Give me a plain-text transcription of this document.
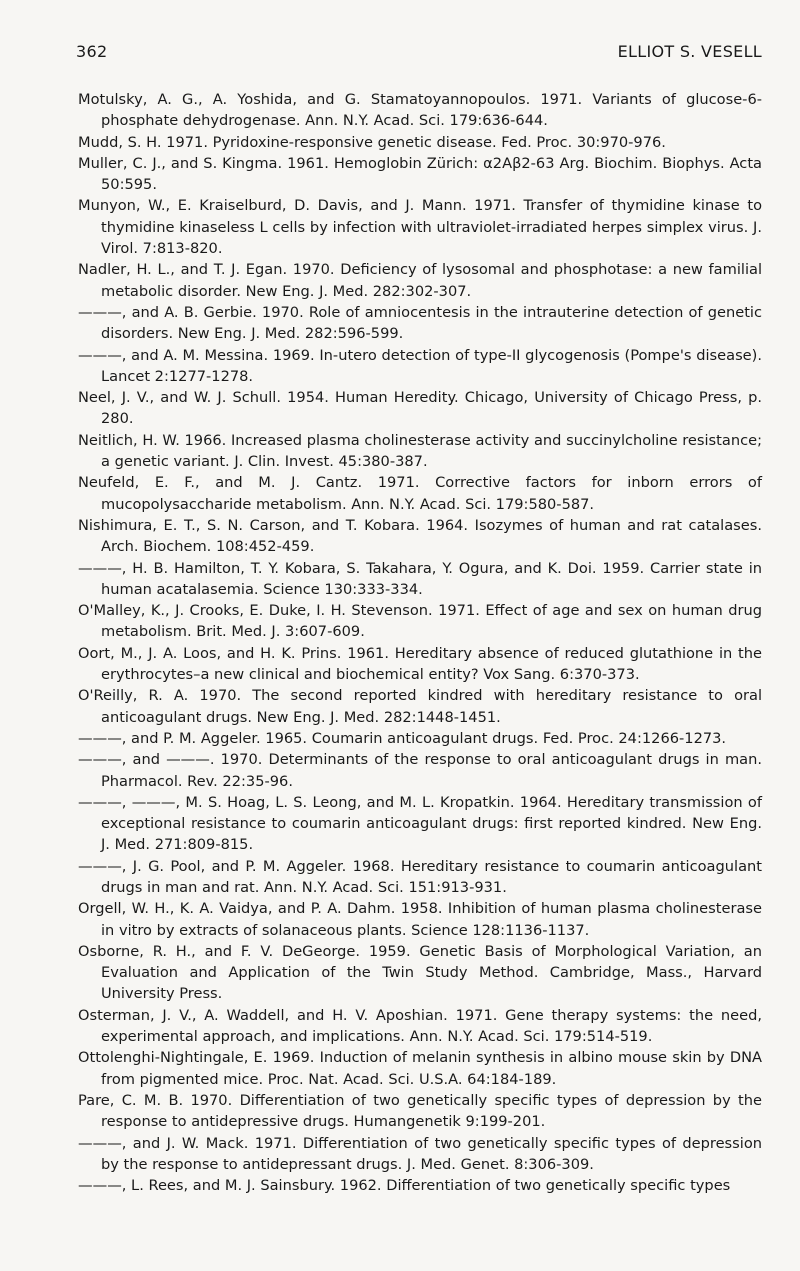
362	ELLIOT S. VESELL

Motulsky, A. G., A. Yoshida, and G. Stamatoyannopoulos. 1971. Variants of glucose-6-phosphate dehydrogenase. Ann. N.Y. Acad. Sci. 179:636-644.

Mudd, S. H. 1971. Pyridoxine-responsive genetic disease. Fed. Proc. 30:970-976.

Muller, C. J., and S. Kingma. 1961. Hemoglobin Zürich: α2Aβ2-63 Arg. Biochim. Biophys. Acta 50:595.

Munyon, W., E. Kraiselburd, D. Davis, and J. Mann. 1971. Transfer of thymidine kinase to thymidine kinaseless L cells by infection with ultraviolet-irradiated herpes simplex virus. J. Virol. 7:813-820.

Nadler, H. L., and T. J. Egan. 1970. Deficiency of lysosomal and phosphotase: a new familial metabolic disorder. New Eng. J. Med. 282:302-307.

———, and A. B. Gerbie. 1970. Role of amniocentesis in the intrauterine detection of genetic disorders. New Eng. J. Med. 282:596-599.

———, and A. M. Messina. 1969. In-utero detection of type-II glycogenosis (Pompe's disease). Lancet 2:1277-1278.

Neel, J. V., and W. J. Schull. 1954. Human Heredity. Chicago, University of Chicago Press, p. 280.

Neitlich, H. W. 1966. Increased plasma cholinesterase activity and succinylcholine resistance; a genetic variant. J. Clin. Invest. 45:380-387.

Neufeld, E. F., and M. J. Cantz. 1971. Corrective factors for inborn errors of mucopolysaccharide metabolism. Ann. N.Y. Acad. Sci. 179:580-587.

Nishimura, E. T., S. N. Carson, and T. Kobara. 1964. Isozymes of human and rat catalases. Arch. Biochem. 108:452-459.

———, H. B. Hamilton, T. Y. Kobara, S. Takahara, Y. Ogura, and K. Doi. 1959. Carrier state in human acatalasemia. Science 130:333-334.

O'Malley, K., J. Crooks, E. Duke, I. H. Stevenson. 1971. Effect of age and sex on human drug metabolism. Brit. Med. J. 3:607-609.

Oort, M., J. A. Loos, and H. K. Prins. 1961. Hereditary absence of reduced glutathione in the erythrocytes–a new clinical and biochemical entity? Vox Sang. 6:370-373.

O'Reilly, R. A. 1970. The second reported kindred with hereditary resistance to oral anticoagulant drugs. New Eng. J. Med. 282:1448-1451.

———, and P. M. Aggeler. 1965. Coumarin anticoagulant drugs. Fed. Proc. 24:1266-1273.

———, and ———. 1970. Determinants of the response to oral anticoagulant drugs in man. Pharmacol. Rev. 22:35-96.

———, ———, M. S. Hoag, L. S. Leong, and M. L. Kropatkin. 1964. Hereditary transmission of exceptional resistance to coumarin anticoagulant drugs: first reported kindred. New Eng. J. Med. 271:809-815.

———, J. G. Pool, and P. M. Aggeler. 1968. Hereditary resistance to coumarin anticoagulant drugs in man and rat. Ann. N.Y. Acad. Sci. 151:913-931.

Orgell, W. H., K. A. Vaidya, and P. A. Dahm. 1958. Inhibition of human plasma cholinesterase in vitro by extracts of solanaceous plants. Science 128:1136-1137.

Osborne, R. H., and F. V. DeGeorge. 1959. Genetic Basis of Morphological Variation, an Evaluation and Application of the Twin Study Method. Cambridge, Mass., Harvard University Press.

Osterman, J. V., A. Waddell, and H. V. Aposhian. 1971. Gene therapy systems: the need, experimental approach, and implications. Ann. N.Y. Acad. Sci. 179:514-519.

Ottolenghi-Nightingale, E. 1969. Induction of melanin synthesis in albino mouse skin by DNA from pigmented mice. Proc. Nat. Acad. Sci. U.S.A. 64:184-189.

Pare, C. M. B. 1970. Differentiation of two genetically specific types of depression by the response to antidepressive drugs. Humangenetik 9:199-201.

———, and J. W. Mack. 1971. Differentiation of two genetically specific types of depression by the response to antidepressant drugs. J. Med. Genet. 8:306-309.

———, L. Rees, and M. J. Sainsbury. 1962. Differentiation of two genetically specific types
